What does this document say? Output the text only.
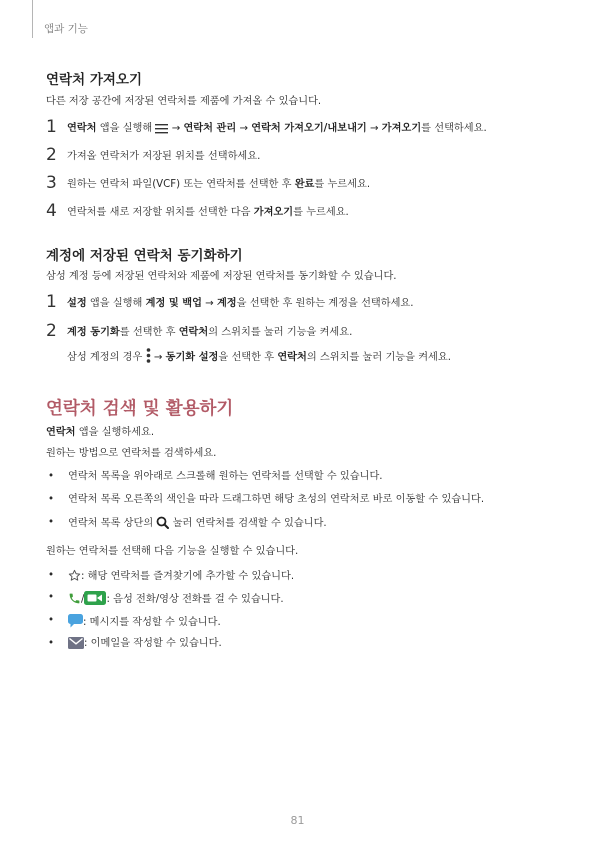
앱과 기능
연락처 가져오기
다른 저장 공간에 저장된 연락처를 제품에 가져올 수 있습니다.
1 연락처 앱을 실행해  → 연락처 관리 → 연락처 가져오기/내보내기 → 가져오기를 선택하세요.
2 가져올 연락처가 저장된 위치를 선택하세요.
3 원하는 연락처 파일(VCF) 또는 연락처를 선택한 후 완료를 누르세요.
4 연락처를 새로 저장할 위치를 선택한 다음 가져오기를 누르세요.
계정에 저장된 연락처 동기화하기
삼성 계정 등에 저장된 연락처와 제품에 저장된 연락처를 동기화할 수 있습니다.
1 설정 앱을 실행해 계정 및 백업 → 계정을 선택한 후 원하는 계정을 선택하세요.
2 계정 동기화를 선택한 후 연락처의 스위치를 눌러 기능을 켜세요.
삼성 계정의 경우  → 동기화 설정을 선택한 후 연락처의 스위치를 눌러 기능을 켜세요.
연락처 검색 및 활용하기
연락처 앱을 실행하세요.
원하는 방법으로 연락처를 검색하세요.
• 연락처 목록을 위아래로 스크롤해 원하는 연락처를 선택할 수 있습니다.
• 연락처 목록 오른쪽의 색인을 따라 드래그하면 해당 초성의 연락처로 바로 이동할 수 있습니다.
• 연락처 목록 상단의  눌러 연락처를 검색할 수 있습니다.
원하는 연락처를 선택해 다음 기능을 실행할 수 있습니다.
•	: 해당 연락처를 즐겨찾기에 추가할 수 있습니다.
•	/ : 음성 전화/영상 전화를 걸 수 있습니다.
•	: 메시지를 작성할 수 있습니다.
•	: 이메일을 작성할 수 있습니다.
81
